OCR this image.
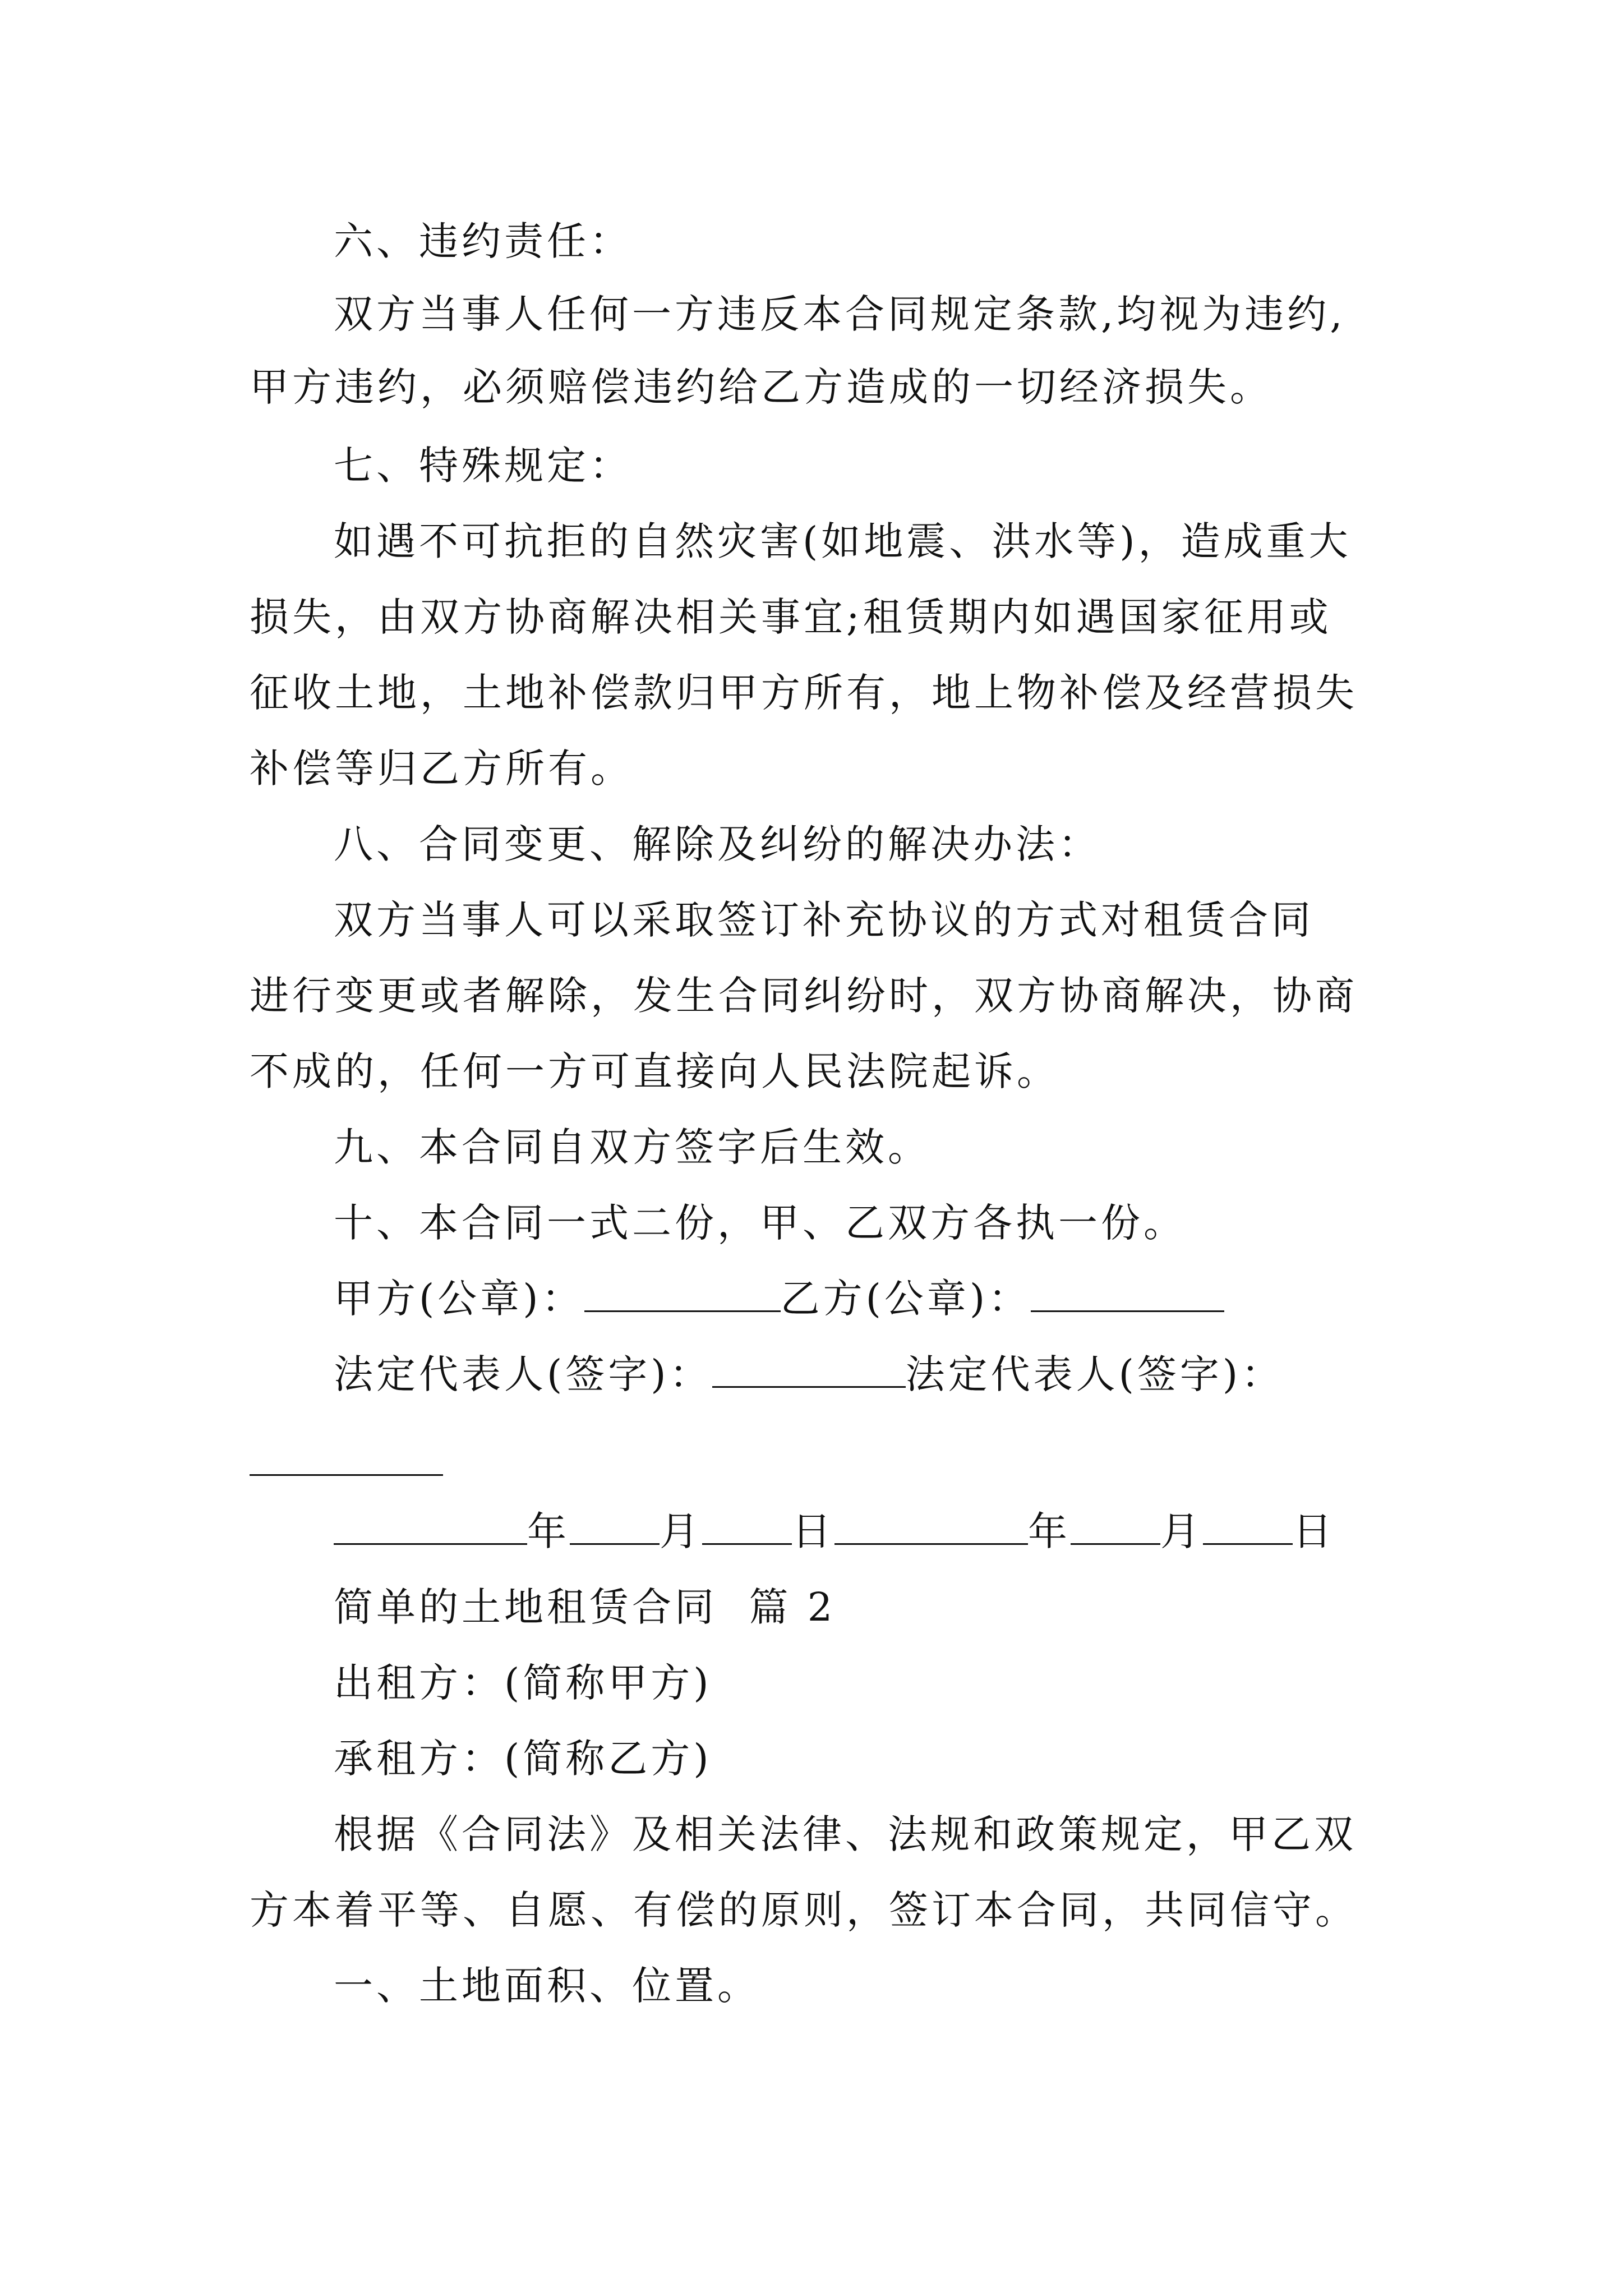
六、违约责任：
双方当事人任何一方违反本合同规定条款,均视为违约,
甲方违约，必须赔偿违约给乙方造成的一切经济损失。
七、特殊规定：
如遇不可抗拒的自然灾害(如地震、洪水等)，造成重大
损失，由双方协商解决相关事宜;租赁期内如遇国家征用或
征收土地，土地补偿款归甲方所有，地上物补偿及经营损失
补偿等归乙方所有。
八、合同变更、解除及纠纷的解决办法：
双方当事人可以采取签订补充协议的方式对租赁合同
进行变更或者解除，发生合同纠纷时，双方协商解决，协商
不成的，任何一方可直接向人民法院起诉。
九、本合同自双方签字后生效。
十、本合同一式二份，甲、乙双方各执一份。
甲方(公章)：	乙方(公章)：
法定代表人(签字)：	法定代表人(签字)：
年 月 日	年 月 日
简单的土地租赁合同  篇 2
出租方：(简称甲方)
承租方：(简称乙方)
根据《合同法》及相关法律、法规和政策规定，甲乙双
方本着平等、自愿、有偿的原则，签订本合同，共同信守。
一、土地面积、位置。
